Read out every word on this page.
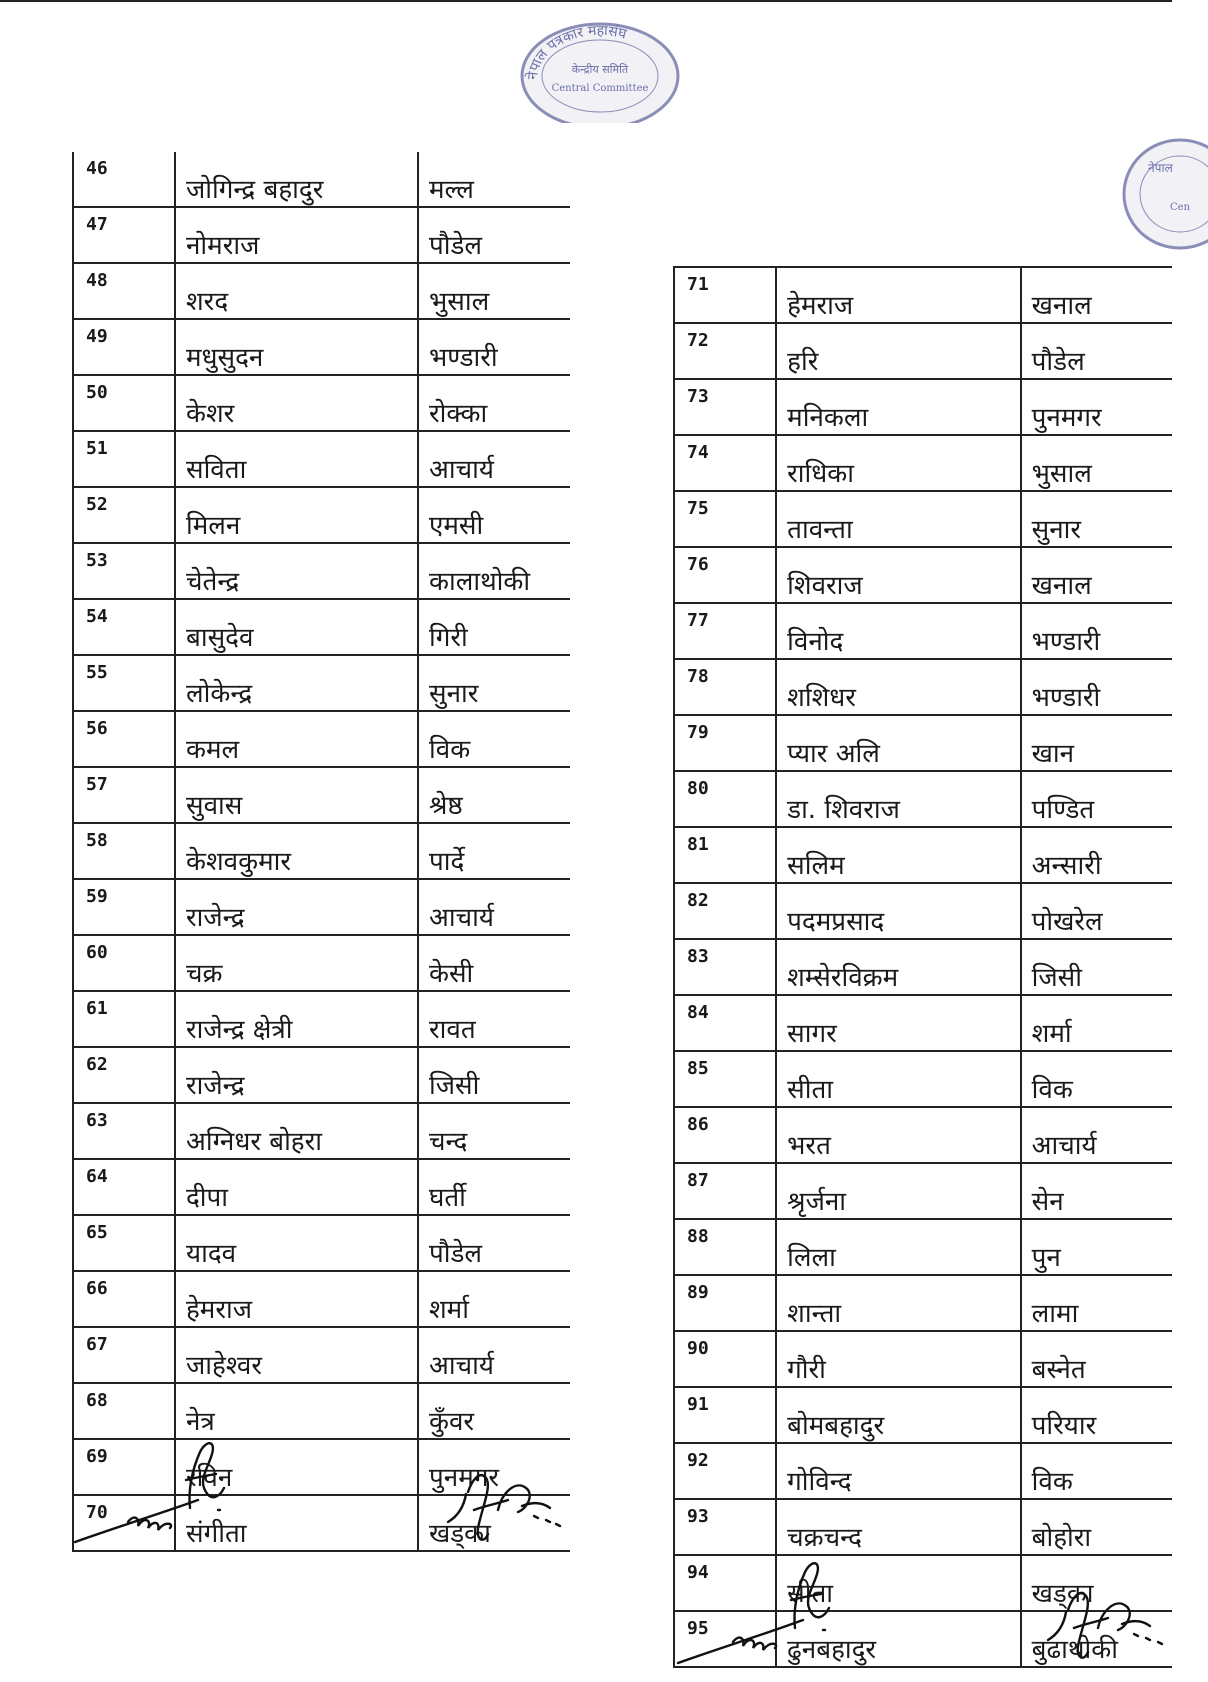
नेपाल पत्रकार महासंघ
केन्द्रीय समिति
Central Committee
नेपाल
Cen
46	जोगिन्द्र बहादुर	मल्ल
47	नोमराज	पौडेल
48	शरद	भुसाल
49	मधुसुदन	भण्डारी
50	केशर	रोक्का
51	सविता	आचार्य
52	मिलन	एमसी
53	चेतेन्द्र	कालाथोकी
54	बासुदेव	गिरी
55	लोकेन्द्र	सुनार
56	कमल	विक
57	सुवास	श्रेष्ठ
58	केशवकुमार	पार्दे
59	राजेन्द्र	आचार्य
60	चक्र	केसी
61	राजेन्द्र क्षेत्री	रावत
62	राजेन्द्र	जिसी
63	अग्निधर बोहरा	चन्द
64	दीपा	घर्ती
65	यादव	पौडेल
66	हेमराज	शर्मा
67	जाहेश्वर	आचार्य
68	नेत्र	कुँवर
69	रविन	पुनमगर
70	संगीता	खड्का
71	हेमराज	खनाल
72	हरि	पौडेल
73	मनिकला	पुनमगर
74	राधिका	भुसाल
75	तावन्ता	सुनार
76	शिवराज	खनाल
77	विनोद	भण्डारी
78	शशिधर	भण्डारी
79	प्यार अलि	खान
80	डा. शिवराज	पण्डित
81	सलिम	अन्सारी
82	पदमप्रसाद	पोखरेल
83	शम्सेरविक्रम	जिसी
84	सागर	शर्मा
85	सीता	विक
86	भरत	आचार्य
87	श्रृर्जना	सेन
88	लिला	पुन
89	शान्ता	लामा
90	गौरी	बस्नेत
91	बोमबहादुर	परियार
92	गोविन्द	विक
93	चक्रचन्द	बोहोरा
94	सीता	खड्का
95	ढुनबहादुर	बुढाथोकी
